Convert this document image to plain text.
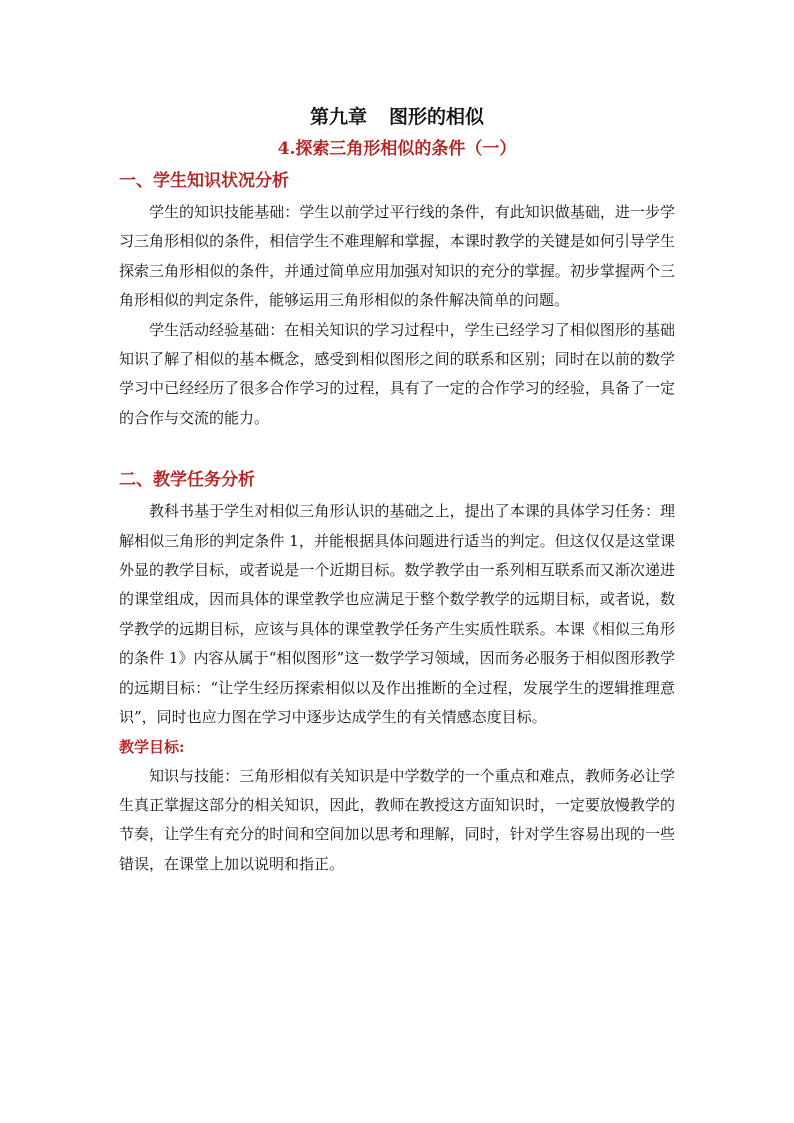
第九章 图形的相似
4.探索三角形相似的条件（一）
一、学生知识状况分析

学生的知识技能基础：学生以前学过平行线的条件，有此知识做基础，进一步学习三角形相似的条件，相信学生不难理解和掌握，本课时教学的关键是如何引导学生探索三角形相似的条件，并通过简单应用加强对知识的充分的掌握。初步掌握两个三角形相似的判定条件，能够运用三角形相似的条件解决简单的问题。

学生活动经验基础：在相关知识的学习过程中，学生已经学习了相似图形的基础知识了解了相似的基本概念，感受到相似图形之间的联系和区别；同时在以前的数学学习中已经经历了很多合作学习的过程，具有了一定的合作学习的经验，具备了一定的合作与交流的能力。

二、教学任务分析

教科书基于学生对相似三角形认识的基础之上，提出了本课的具体学习任务：理解相似三角形的判定条件 1，并能根据具体问题进行适当的判定。但这仅仅是这堂课外显的教学目标，或者说是一个近期目标。数学教学由一系列相互联系而又渐次递进的课堂组成，因而具体的课堂教学也应满足于整个数学教学的远期目标，或者说，数学教学的远期目标，应该与具体的课堂教学任务产生实质性联系。本课《相似三角形的条件 1》内容从属于“相似图形”这一数学学习领域，因而务必服务于相似图形教学的远期目标：“让学生经历探索相似以及作出推断的全过程，发展学生的逻辑推理意识”，同时也应力图在学习中逐步达成学生的有关情感态度目标。

教学目标:

知识与技能：三角形相似有关知识是中学数学的一个重点和难点，教师务必让学生真正掌握这部分的相关知识，因此，教师在教授这方面知识时，一定要放慢教学的节奏，让学生有充分的时间和空间加以思考和理解，同时，针对学生容易出现的一些错误，在课堂上加以说明和指正。
